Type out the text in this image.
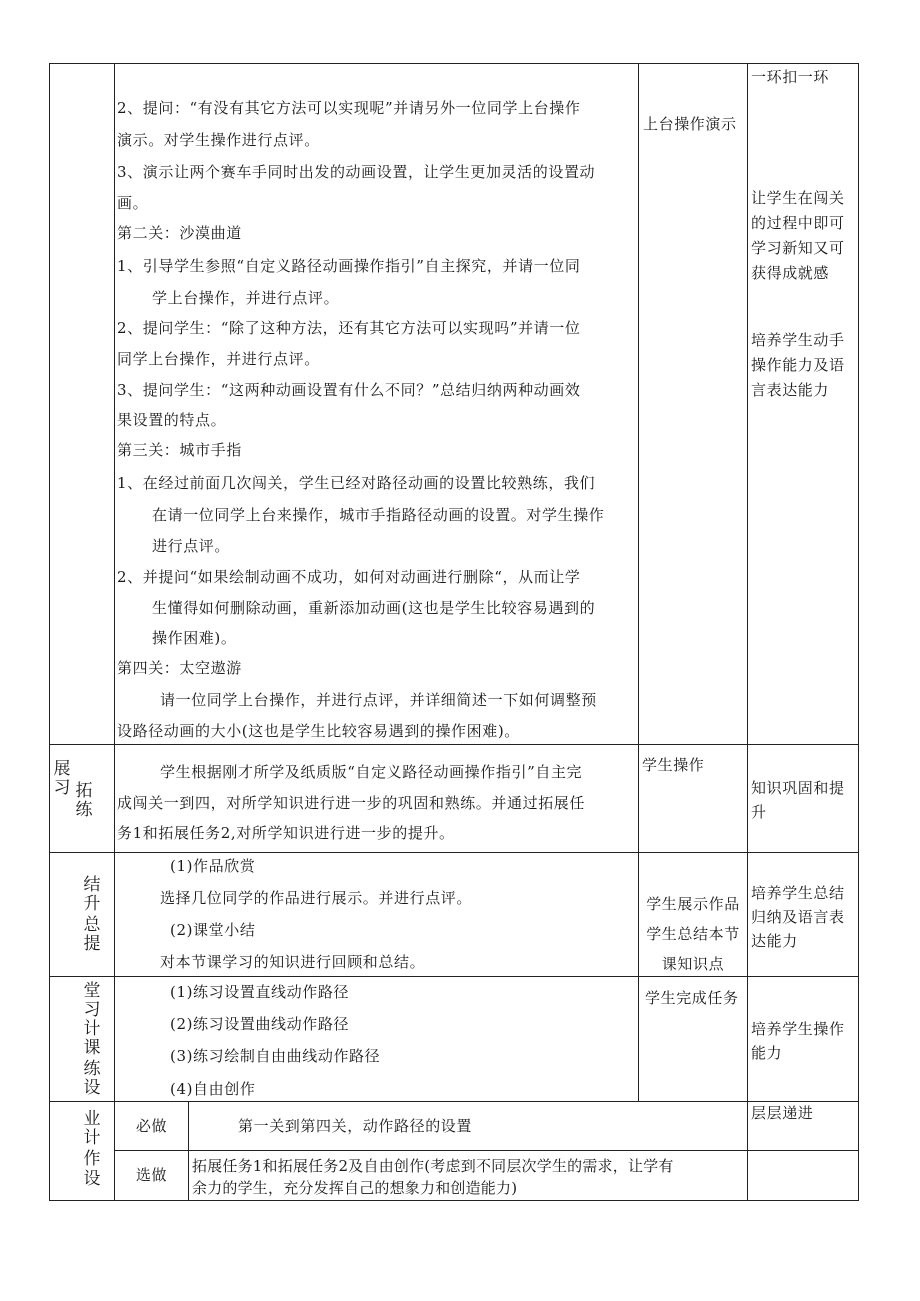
2、提问：“有没有其它方法可以实现呢”并请另外一位同学上台操作
演示。对学生操作进行点评。
3、演示让两个赛车手同时出发的动画设置，让学生更加灵活的设置动
画。
第二关：沙漠曲道
1、引导学生参照“自定义路径动画操作指引”自主探究，并请一位同
学上台操作，并进行点评。
2、提问学生：“除了这种方法，还有其它方法可以实现吗”并请一位
同学上台操作，并进行点评。
3、提问学生：“这两种动画设置有什么不同？”总结归纳两种动画效
果设置的特点。
第三关：城市手指
1、在经过前面几次闯关，学生已经对路径动画的设置比较熟练，我们
在请一位同学上台来操作，城市手指路径动画的设置。对学生操作
进行点评。
2、并提问“如果绘制动画不成功，如何对动画进行删除“，从而让学
生懂得如何删除动画，重新添加动画(这也是学生比较容易遇到的
操作困难)。
第四关：太空遨游
请一位同学上台操作，并进行点评，并详细简述一下如何调整预
设路径动画的大小(这也是学生比较容易遇到的操作困难)。
上台操作演示
一环扣一环
让学生在闯关
的过程中即可
学习新知又可
获得成就感
培养学生动手
操作能力及语
言表达能力
展习 拓练
学生根据刚才所学及纸质版“自定义路径动画操作指引”自主完
成闯关一到四，对所学知识进行进一步的巩固和熟练。并通过拓展任
务1和拓展任务2,对所学知识进行进一步的提升。
学生操作
知识巩固和提
升
结升
总提
(1)作品欣赏
选择几位同学的作品进行展示。并进行点评。
(2)课堂小结
对本节课学习的知识进行回顾和总结。
学生展示作品
学生总结本节
课知识点
培养学生总结
归纳及语言表
达能力
堂习
计课
练设
(1)练习设置直线动作路径
(2)练习设置曲线动作路径
(3)练习绘制自由曲线动作路径
(4)自由创作
学生完成任务
培养学生操作
能力
业
计
作
设
必做	第一关到第四关，动作路径的设置
选做	拓展任务1和拓展任务2及自由创作(考虑到不同层次学生的需求，让学有
余力的学生，充分发挥自己的想象力和创造能力)
层层递进
